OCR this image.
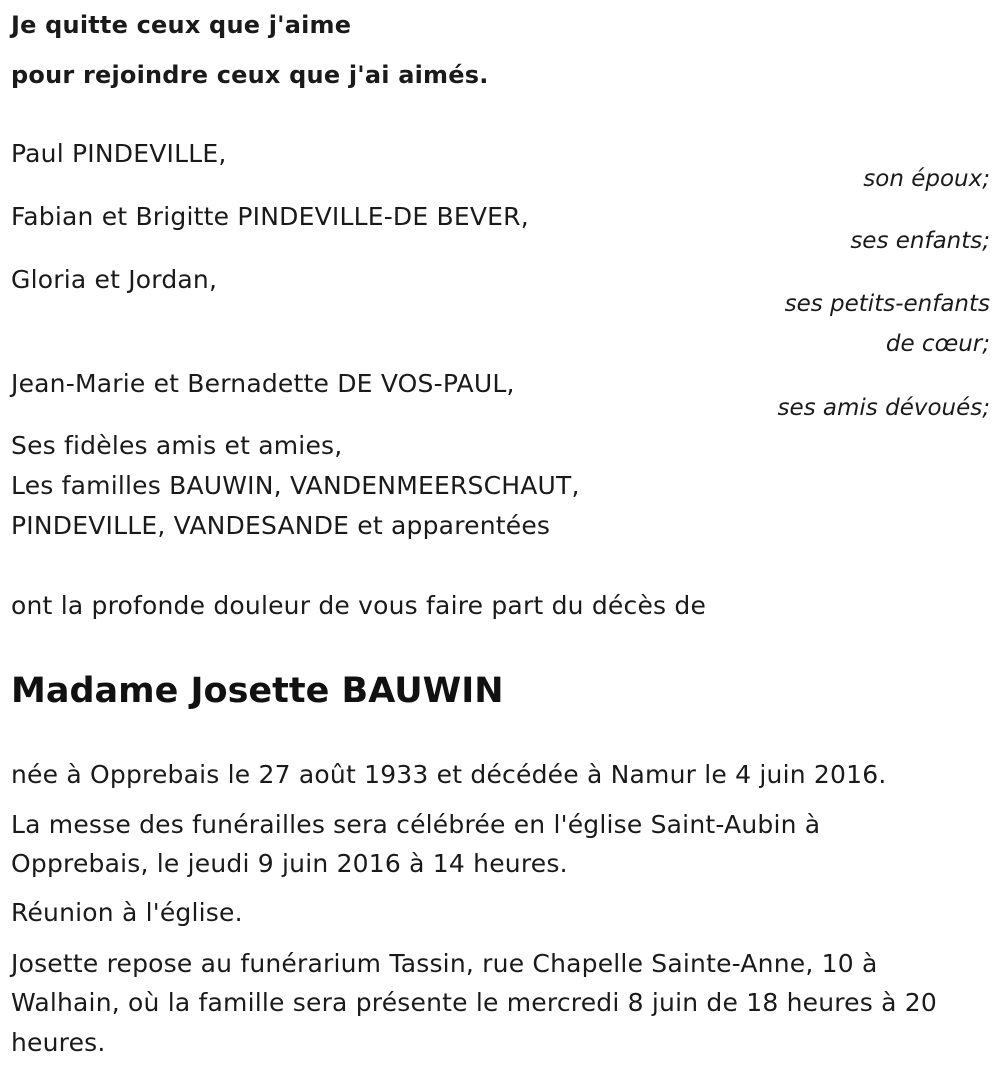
Je quitte ceux que j'aime
pour rejoindre ceux que j'ai aimés.
Paul PINDEVILLE,
son époux;
Fabian et Brigitte PINDEVILLE-DE BEVER,
ses enfants;
Gloria et Jordan,
ses petits-enfants
de cœur;
Jean-Marie et Bernadette DE VOS-PAUL,
ses amis dévoués;
Ses fidèles amis et amies,
Les familles BAUWIN, VANDENMEERSCHAUT,
PINDEVILLE, VANDESANDE et apparentées
ont la profonde douleur de vous faire part du décès de
Madame Josette BAUWIN
née à Opprebais le 27 août 1933 et décédée à Namur le 4 juin 2016.
La messe des funérailles sera célébrée en l'église Saint-Aubin à
Opprebais, le jeudi 9 juin 2016 à 14 heures.
Réunion à l'église.
Josette repose au funérarium Tassin, rue Chapelle Sainte-Anne, 10 à
Walhain, où la famille sera présente le mercredi 8 juin de 18 heures à 20
heures.
